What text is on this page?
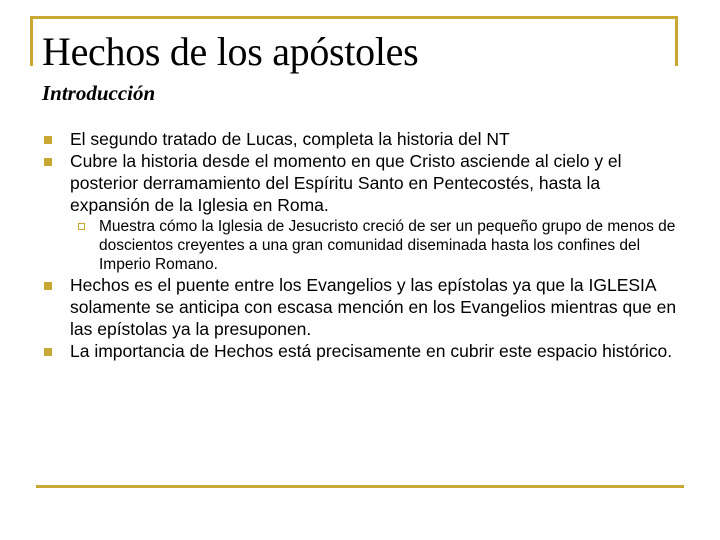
Hechos de los apóstoles
Introducción
El segundo tratado de Lucas, completa la historia del NT
Cubre la historia desde el momento en que Cristo asciende al cielo y el posterior derramamiento del Espíritu Santo en Pentecostés, hasta la expansión de la Iglesia en Roma.
Muestra cómo la Iglesia de Jesucristo creció de ser un pequeño grupo de menos de doscientos creyentes a una gran comunidad diseminada hasta los confines del Imperio Romano.
Hechos es el puente entre los Evangelios y las epístolas ya que la IGLESIA solamente se anticipa con escasa mención en los Evangelios mientras que en las epístolas ya la presuponen.
La importancia de Hechos está precisamente en cubrir este espacio histórico.
